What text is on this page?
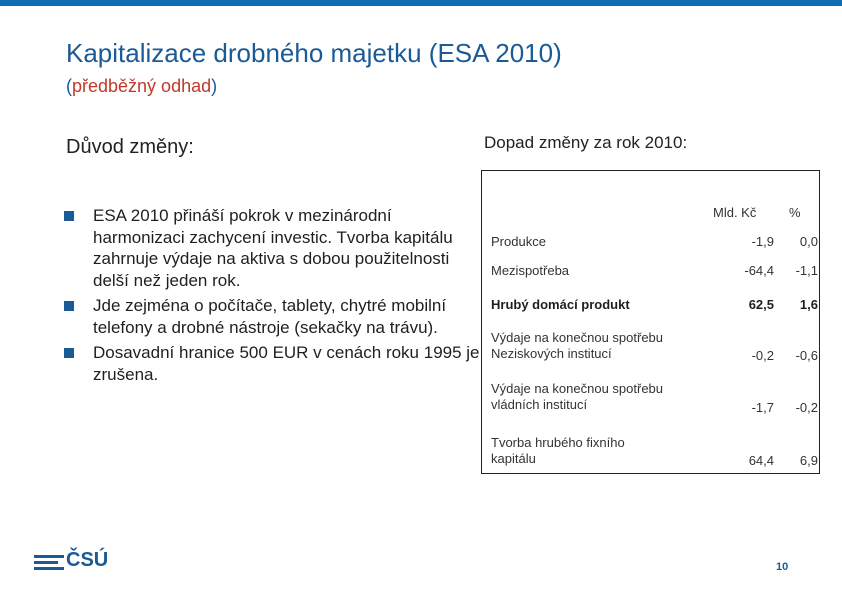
Kapitalizace drobného majetku (ESA 2010)
(předběžný odhad)
Důvod změny:	Dopad změny za rok 2010:
ESA 2010 přináší pokrok v mezinárodní harmonizaci zachycení investic. Tvorba kapitálu zahrnuje výdaje na aktiva s dobou použitelnosti delší než jeden rok.
Jde zejména o počítače, tablety, chytré mobilní telefony a drobné nástroje (sekačky na trávu).
Dosavadní hranice 500 EUR v cenách roku 1995 je zrušena.
Mld. Kč	%
Produkce	-1,9	0,0
Mezispotřeba	-64,4	-1,1
Hrubý domácí produkt	62,5	1,6
Výdaje na konečnou spotřebu
Neziskových institucí	-0,2	-0,6
Výdaje na konečnou spotřebu
vládních institucí	-1,7	-0,2
Tvorba hrubého fixního
kapitálu	64,4	6,9
ČSÚ	10
